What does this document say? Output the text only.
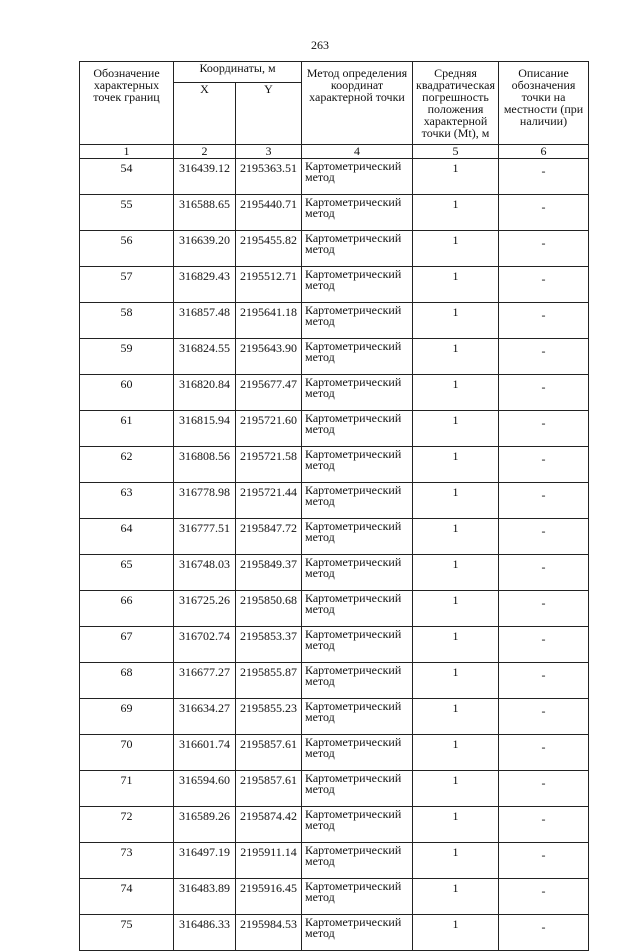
263
Обозначение характерных точек границ	Координаты, м		Метод определения координат характерной точки	Средняя квадратическая погрешность положения характерной точки (Mt), м	Описание обозначения точки на местности (при наличии)
	X	Y			
1	2	3	4	5	6
54	316439.12	2195363.51	Картометрический метод	1	-
55	316588.65	2195440.71	Картометрический метод	1	-
56	316639.20	2195455.82	Картометрический метод	1	-
57	316829.43	2195512.71	Картометрический метод	1	-
58	316857.48	2195641.18	Картометрический метод	1	-
59	316824.55	2195643.90	Картометрический метод	1	-
60	316820.84	2195677.47	Картометрический метод	1	-
61	316815.94	2195721.60	Картометрический метод	1	-
62	316808.56	2195721.58	Картометрический метод	1	-
63	316778.98	2195721.44	Картометрический метод	1	-
64	316777.51	2195847.72	Картометрический метод	1	-
65	316748.03	2195849.37	Картометрический метод	1	-
66	316725.26	2195850.68	Картометрический метод	1	-
67	316702.74	2195853.37	Картометрический метод	1	-
68	316677.27	2195855.87	Картометрический метод	1	-
69	316634.27	2195855.23	Картометрический метод	1	-
70	316601.74	2195857.61	Картометрический метод	1	-
71	316594.60	2195857.61	Картометрический метод	1	-
72	316589.26	2195874.42	Картометрический метод	1	-
73	316497.19	2195911.14	Картометрический метод	1	-
74	316483.89	2195916.45	Картометрический метод	1	-
75	316486.33	2195984.53	Картометрический метод	1	-
